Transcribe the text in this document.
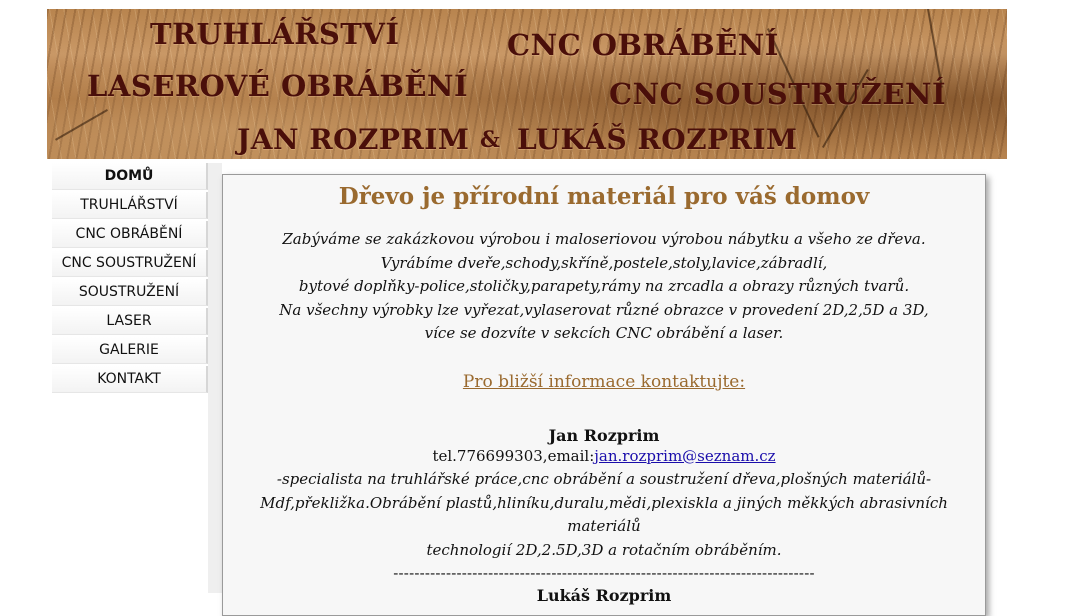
TRUHLÁŘSTVÍ	CNC OBRÁBĚNÍ
LASEROVÉ OBRÁBĚNÍ	CNC SOUSTRUŽENÍ
JAN ROZPRIM & LUKÁŠ ROZPRIM
DOMŮ
TRUHLÁŘSTVÍ
CNC OBRÁBĚNÍ
CNC SOUSTRUŽENÍ
SOUSTRUŽENÍ
LASER
GALERIE
KONTAKT
Dřevo je přírodní materiál pro váš domov
Zabýváme se zakázkovou výrobou i maloseriovou výrobou nábytku a všeho ze dřeva.
Vyrábíme dveře,schody,skříně,postele,stoly,lavice,zábradlí,
bytové doplňky-police,stoličky,parapety,rámy na zrcadla a obrazy různých tvarů.
Na všechny výrobky lze vyřezat,vylaserovat různé obrazce v provedení 2D,2,5D a 3D,
více se dozvíte v sekcích CNC obrábění a laser.
Pro bližší informace kontaktujte:
Jan Rozprim
tel.776699303,email:jan.rozprim@seznam.cz
-specialista na truhlářské práce,cnc obrábění a soustružení dřeva,plošných materiálů-
Mdf,překližka.Obrábění plastů,hliníku,duralu,mědi,plexiskla a jiných měkkých abrasivních materiálů
technologií 2D,2.5D,3D a rotačním obráběním.
--------------------------------------------------------------------------------
Lukáš Rozprim
